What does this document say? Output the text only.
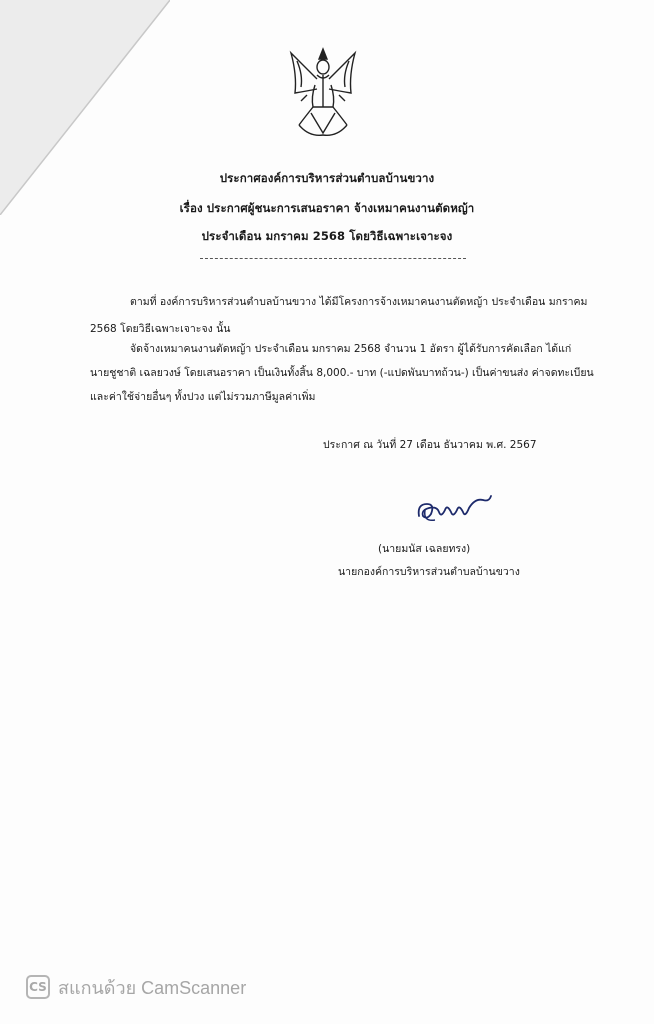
ประกาศองค์การบริหารส่วนตำบลบ้านขวาง
เรื่อง ประกาศผู้ชนะการเสนอราคา จ้างเหมาคนงานตัดหญ้า
ประจำเดือน มกราคม 2568 โดยวิธีเฉพาะเจาะจง
ตามที่ องค์การบริหารส่วนตำบลบ้านขวาง ได้มีโครงการจ้างเหมาคนงานตัดหญ้า ประจำเดือน มกราคม
2568 โดยวิธีเฉพาะเจาะจง นั้น
จัดจ้างเหมาคนงานตัดหญ้า ประจำเดือน มกราคม 2568 จำนวน 1 อัตรา ผู้ได้รับการคัดเลือก ได้แก่
นายชูชาติ เฉลยวงษ์ โดยเสนอราคา เป็นเงินทั้งสิ้น 8,000.- บาท (-แปดพันบาทถ้วน-) เป็นค่าขนส่ง ค่าจดทะเบียน
และค่าใช้จ่ายอื่นๆ ทั้งปวง แต่ไม่รวมภาษีมูลค่าเพิ่ม
ประกาศ ณ วันที่ 27 เดือน ธันวาคม พ.ศ. 2567
(นายมนัส เฉลยทรง)
นายกองค์การบริหารส่วนตำบลบ้านขวาง
CS สแกนด้วย CamScanner
